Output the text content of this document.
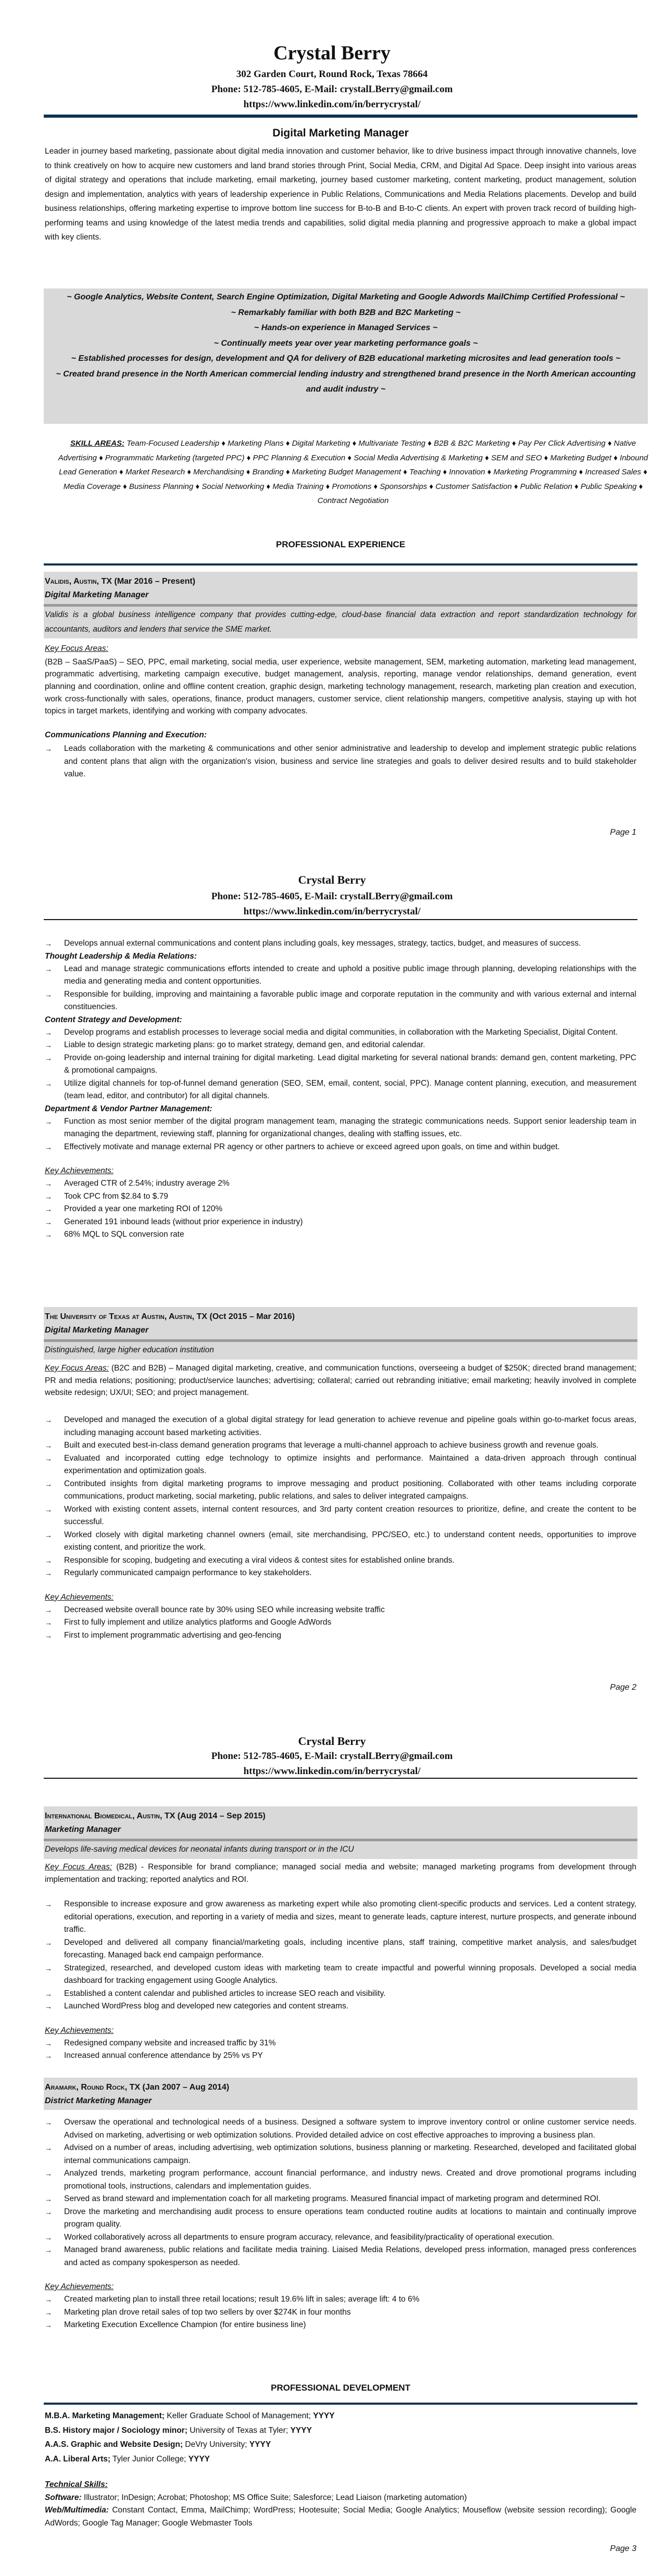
Crystal Berry
302 Garden Court, Round Rock, Texas 78664
Phone: 512-785-4605, E-Mail: crystalLBerry@gmail.com
https://www.linkedin.com/in/berrycrystal/
Digital Marketing Manager
Leader in journey based marketing, passionate about digital media innovation and customer behavior, like to drive business impact through innovative channels, love to think creatively on how to acquire new customers and land brand stories through Print, Social Media, CRM, and Digital Ad Space. Deep insight into various areas of digital strategy and operations that include marketing, email marketing, journey based customer marketing, content marketing, product management, solution design and implementation, analytics with years of leadership experience in Public Relations, Communications and Media Relations placements. Develop and build business relationships, offering marketing expertise to improve bottom line success for B-to-B and B-to-C clients. An expert with proven track record of building high-performing teams and using knowledge of the latest media trends and capabilities, solid digital media planning and progressive approach to make a global impact with key clients.
~ Google Analytics, Website Content, Search Engine Optimization, Digital Marketing and Google Adwords MailChimp Certified Professional ~
~ Remarkably familiar with both B2B and B2C Marketing ~
~ Hands-on experience in Managed Services ~
~ Continually meets year over year marketing performance goals ~
~ Established processes for design, development and QA for delivery of B2B educational marketing microsites and lead generation tools ~
~ Created brand presence in the North American commercial lending industry and strengthened brand presence in the North American accounting and audit industry ~
SKILL AREAS: Team-Focused Leadership ♦ Marketing Plans ♦ Digital Marketing ♦ Multivariate Testing ♦ B2B & B2C Marketing ♦ Pay Per Click Advertising ♦ Native Advertising ♦ Programmatic Marketing (targeted PPC) ♦ PPC Planning & Execution ♦ Social Media Advertising & Marketing ♦ SEM and SEO ♦ Marketing Budget ♦ Inbound Lead Generation ♦ Market Research ♦ Merchandising ♦ Branding ♦ Marketing Budget Management ♦ Teaching ♦ Innovation ♦ Marketing Programming ♦ Increased Sales ♦ Media Coverage ♦ Business Planning ♦ Social Networking ♦ Media Training ♦ Promotions ♦ Sponsorships ♦ Customer Satisfaction ♦ Public Relation ♦ Public Speaking ♦ Contract Negotiation
PROFESSIONAL EXPERIENCE
Validis, Austin, TX (Mar 2016 – Present)
Digital Marketing Manager
Validis is a global business intelligence company that provides cutting-edge, cloud-base financial data extraction and report standardization technology for accountants, auditors and lenders that service the SME market.
Key Focus Areas:
(B2B – SaaS/PaaS) – SEO, PPC, email marketing, social media, user experience, website management, SEM, marketing automation, marketing lead management, programmatic advertising, marketing campaign executive, budget management, analysis, reporting, manage vendor relationships, demand generation, event planning and coordination, online and offline content creation, graphic design, marketing technology management, research, marketing plan creation and execution, work cross-functionally with sales, operations, finance, product managers, customer service, client relationship mangers, competitive analysis, staying up with hot topics in target markets, identifying and working with company advocates.
Communications Planning and Execution:
→ Leads collaboration with the marketing & communications and other senior administrative and leadership to develop and implement strategic public relations and content plans that align with the organization's vision, business and service line strategies and goals to deliver desired results and to build stakeholder value.
Page 1
Crystal Berry
Phone: 512-785-4605, E-Mail: crystalLBerry@gmail.com
https://www.linkedin.com/in/berrycrystal/
→ Develops annual external communications and content plans including goals, key messages, strategy, tactics, budget, and measures of success.
Thought Leadership & Media Relations:
→ Lead and manage strategic communications efforts intended to create and uphold a positive public image through planning, developing relationships with the media and generating media and content opportunities.
→ Responsible for building, improving and maintaining a favorable public image and corporate reputation in the community and with various external and internal constituencies.
Content Strategy and Development:
→ Develop programs and establish processes to leverage social media and digital communities, in collaboration with the Marketing Specialist, Digital Content.
→ Liable to design strategic marketing plans: go to market strategy, demand gen, and editorial calendar.
→ Provide on-going leadership and internal training for digital marketing. Lead digital marketing for several national brands: demand gen, content marketing, PPC & promotional campaigns.
→ Utilize digital channels for top-of-funnel demand generation (SEO, SEM, email, content, social, PPC). Manage content planning, execution, and measurement (team lead, editor, and contributor) for all digital channels.
Department & Vendor Partner Management:
→ Function as most senior member of the digital program management team, managing the strategic communications needs. Support senior leadership team in managing the department, reviewing staff, planning for organizational changes, dealing with staffing issues, etc.
→ Effectively motivate and manage external PR agency or other partners to achieve or exceed agreed upon goals, on time and within budget.
Key Achievements:
→ Averaged CTR of 2.54%; industry average 2%
→ Took CPC from $2.84 to $.79
→ Provided a year one marketing ROI of 120%
→ Generated 191 inbound leads (without prior experience in industry)
→ 68% MQL to SQL conversion rate
The University of Texas at Austin, Austin, TX (Oct 2015 – Mar 2016)
Digital Marketing Manager
Distinguished, large higher education institution
Key Focus Areas: (B2C and B2B) – Managed digital marketing, creative, and communication functions, overseeing a budget of $250K; directed brand management; PR and media relations; positioning; product/service launches; advertising; collateral; carried out rebranding initiative; email marketing; heavily involved in complete website redesign; UX/UI; SEO; and project management.
→ Developed and managed the execution of a global digital strategy for lead generation to achieve revenue and pipeline goals within go-to-market focus areas, including managing account based marketing activities.
→ Built and executed best-in-class demand generation programs that leverage a multi-channel approach to achieve business growth and revenue goals.
→ Evaluated and incorporated cutting edge technology to optimize insights and performance. Maintained a data-driven approach through continual experimentation and optimization goals.
→ Contributed insights from digital marketing programs to improve messaging and product positioning. Collaborated with other teams including corporate communications, product marketing, social marketing, public relations, and sales to deliver integrated campaigns.
→ Worked with existing content assets, internal content resources, and 3rd party content creation resources to prioritize, define, and create the content to be successful.
→ Worked closely with digital marketing channel owners (email, site merchandising, PPC/SEO, etc.) to understand content needs, opportunities to improve existing content, and prioritize the work.
→ Responsible for scoping, budgeting and executing a viral videos & contest sites for established online brands.
→ Regularly communicated campaign performance to key stakeholders.
Key Achievements:
→ Decreased website overall bounce rate by 30% using SEO while increasing website traffic
→ First to fully implement and utilize analytics platforms and Google AdWords
→ First to implement programmatic advertising and geo-fencing
Page 2
Crystal Berry
Phone: 512-785-4605, E-Mail: crystalLBerry@gmail.com
https://www.linkedin.com/in/berrycrystal/
International Biomedical, Austin, TX (Aug 2014 – Sep 2015)
Marketing Manager
Develops life-saving medical devices for neonatal infants during transport or in the ICU
Key Focus Areas: (B2B) - Responsible for brand compliance; managed social media and website; managed marketing programs from development through implementation and tracking; reported analytics and ROI.
→ Responsible to increase exposure and grow awareness as marketing expert while also promoting client-specific products and services. Led a content strategy, editorial operations, execution, and reporting in a variety of media and sizes, meant to generate leads, capture interest, nurture prospects, and generate inbound traffic.
→ Developed and delivered all company financial/marketing goals, including incentive plans, staff training, competitive market analysis, and sales/budget forecasting. Managed back end campaign performance.
→ Strategized, researched, and developed custom ideas with marketing team to create impactful and powerful winning proposals. Developed a social media dashboard for tracking engagement using Google Analytics.
→ Established a content calendar and published articles to increase SEO reach and visibility.
→ Launched WordPress blog and developed new categories and content streams.
Key Achievements:
→ Redesigned company website and increased traffic by 31%
→ Increased annual conference attendance by 25% vs PY
Aramark, Round Rock, TX (Jan 2007 – Aug 2014)
District Marketing Manager
→ Oversaw the operational and technological needs of a business. Designed a software system to improve inventory control or online customer service needs. Advised on marketing, advertising or web optimization solutions. Provided detailed advice on cost effective approaches to improving a business plan.
→ Advised on a number of areas, including advertising, web optimization solutions, business planning or marketing. Researched, developed and facilitated global internal communications campaign.
→ Analyzed trends, marketing program performance, account financial performance, and industry news. Created and drove promotional programs including promotional tools, instructions, calendars and implementation guides.
→ Served as brand steward and implementation coach for all marketing programs. Measured financial impact of marketing program and determined ROI.
→ Drove the marketing and merchandising audit process to ensure operations team conducted routine audits at locations to maintain and continually improve program quality.
→ Worked collaboratively across all departments to ensure program accuracy, relevance, and feasibility/practicality of operational execution.
→ Managed brand awareness, public relations and facilitate media training. Liaised Media Relations, developed press information, managed press conferences and acted as company spokesperson as needed.
Key Achievements:
→ Created marketing plan to install three retail locations; result 19.6% lift in sales; average lift: 4 to 6%
→ Marketing plan drove retail sales of top two sellers by over $274K in four months
→ Marketing Execution Excellence Champion (for entire business line)
PROFESSIONAL DEVELOPMENT
M.B.A. Marketing Management; Keller Graduate School of Management; YYYY
B.S. History major / Sociology minor; University of Texas at Tyler; YYYY
A.A.S. Graphic and Website Design; DeVry University; YYYY
A.A. Liberal Arts; Tyler Junior College; YYYY
Technical Skills:
Software: Illustrator; InDesign; Acrobat; Photoshop; MS Office Suite; Salesforce; Lead Liaison (marketing automation)
Web/Multimedia: Constant Contact, Emma, MailChimp; WordPress; Hootesuite; Social Media; Google Analytics; Mouseflow (website session recording); Google AdWords; Google Tag Manager; Google Webmaster Tools
Page 3
